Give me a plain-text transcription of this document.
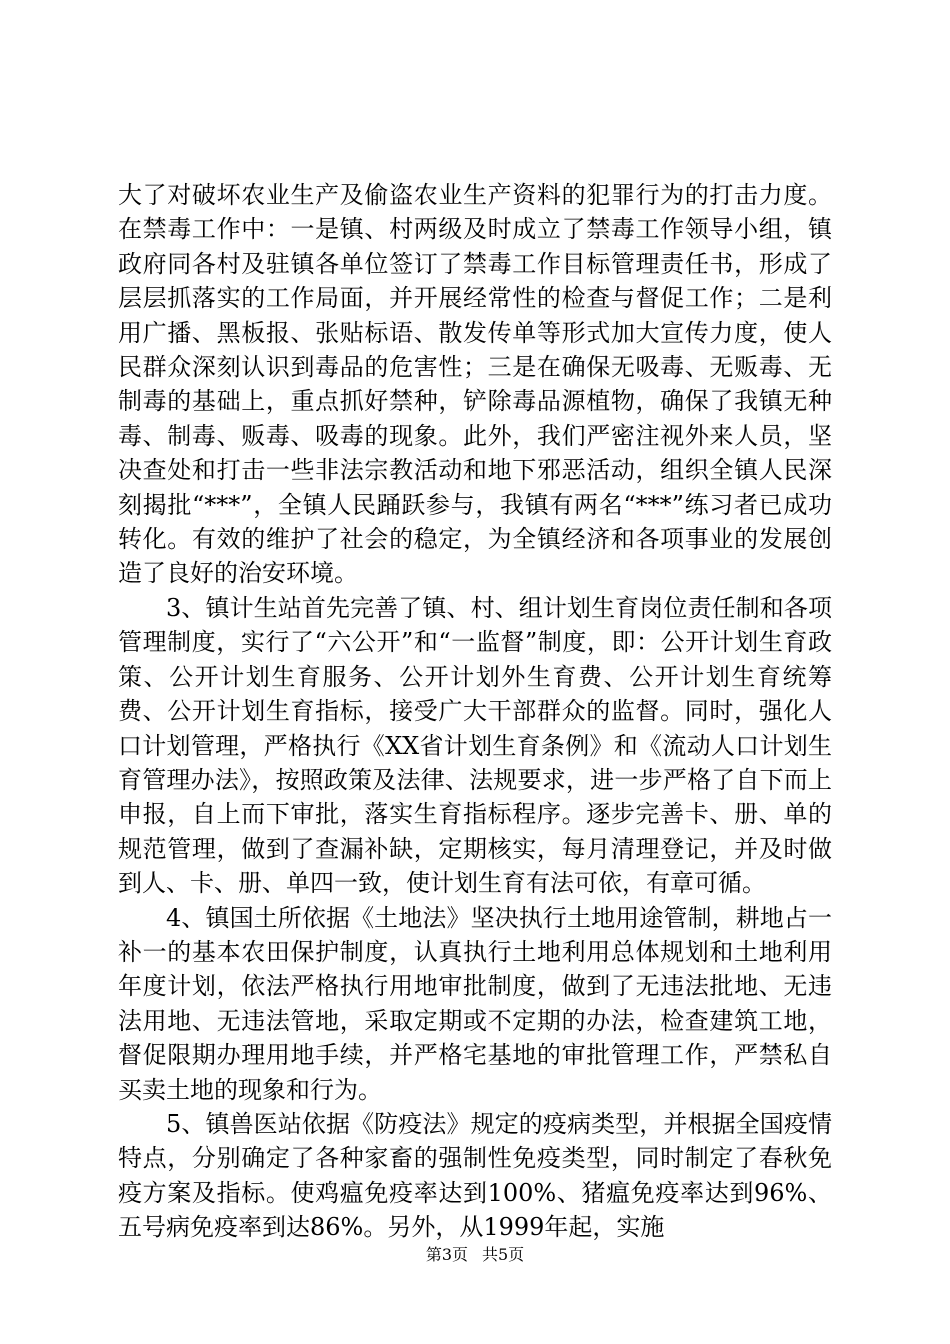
大了对破坏农业生产及偷盗农业生产资料的犯罪行为的打击力度。在禁毒工作中：一是镇、村两级及时成立了禁毒工作领导小组，镇政府同各村及驻镇各单位签订了禁毒工作目标管理责任书，形成了层层抓落实的工作局面，并开展经常性的检查与督促工作；二是利用广播、黑板报、张贴标语、散发传单等形式加大宣传力度，使人民群众深刻认识到毒品的危害性；三是在确保无吸毒、无贩毒、无制毒的基础上，重点抓好禁种，铲除毒品源植物，确保了我镇无种毒、制毒、贩毒、吸毒的现象。此外，我们严密注视外来人员，坚决查处和打击一些非法宗教活动和地下邪恶活动，组织全镇人民深刻揭批“***”，全镇人民踊跃参与，我镇有两名“***”练习者已成功转化。有效的维护了社会的稳定，为全镇经济和各项事业的发展创造了良好的治安环境。

3、镇计生站首先完善了镇、村、组计划生育岗位责任制和各项管理制度，实行了“六公开”和“一监督”制度，即：公开计划生育政策、公开计划生育服务、公开计划外生育费、公开计划生育统筹费、公开计划生育指标，接受广大干部群众的监督。同时，强化人口计划管理，严格执行《XX省计划生育条例》和《流动人口计划生育管理办法》，按照政策及法律、法规要求，进一步严格了自下而上申报，自上而下审批，落实生育指标程序。逐步完善卡、册、单的规范管理，做到了查漏补缺，定期核实，每月清理登记，并及时做到人、卡、册、单四一致，使计划生育有法可依，有章可循。

4、镇国土所依据《土地法》坚决执行土地用途管制，耕地占一补一的基本农田保护制度，认真执行土地利用总体规划和土地利用年度计划，依法严格执行用地审批制度，做到了无违法批地、无违法用地、无违法管地，采取定期或不定期的办法，检查建筑工地，督促限期办理用地手续，并严格宅基地的审批管理工作，严禁私自买卖土地的现象和行为。

5、镇兽医站依据《防疫法》规定的疫病类型，并根据全国疫情特点，分别确定了各种家畜的强制性免疫类型，同时制定了春秋免疫方案及指标。使鸡瘟免疫率达到100%、猪瘟免疫率达到96%、五号病免疫率到达86%。另外，从1999年起，实施

第3页 共5页
